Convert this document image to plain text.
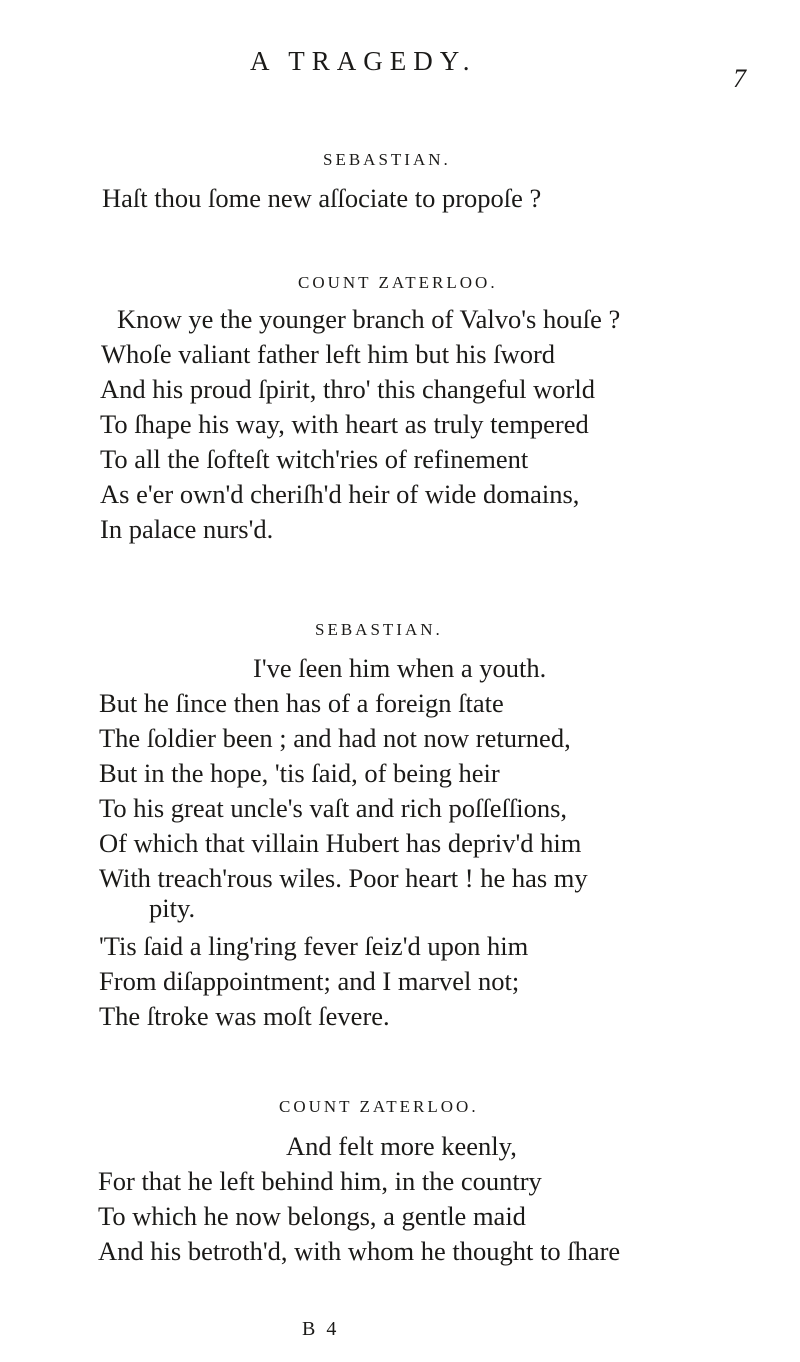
A TRAGEDY.
7
SEBASTIAN.
Haſt thou ſome new aſſociate to propoſe ?
COUNT ZATERLOO.
Know ye the younger branch of Valvo's houſe ?
Whoſe valiant father left him but his ſword
And his proud ſpirit, thro' this changeful world
To ſhape his way, with heart as truly tempered
To all the ſofteſt witch'ries of refinement
As e'er own'd cheriſh'd heir of wide domains,
In palace nurs'd.
SEBASTIAN.
I've ſeen him when a youth.
But he ſince then has of a foreign ſtate
The ſoldier been ; and had not now returned,
But in the hope, 'tis ſaid, of being heir
To his great uncle's vaſt and rich poſſeſſions,
Of which that villain Hubert has depriv'd him
With treach'rous wiles. Poor heart ! he has my
pity.
'Tis ſaid a ling'ring fever ſeiz'd upon him
From diſappointment; and I marvel not;
The ſtroke was moſt ſevere.
COUNT ZATERLOO.
And felt more keenly,
For that he left behind him, in the country
To which he now belongs, a gentle maid
And his betroth'd, with whom he thought to ſhare
B 4
